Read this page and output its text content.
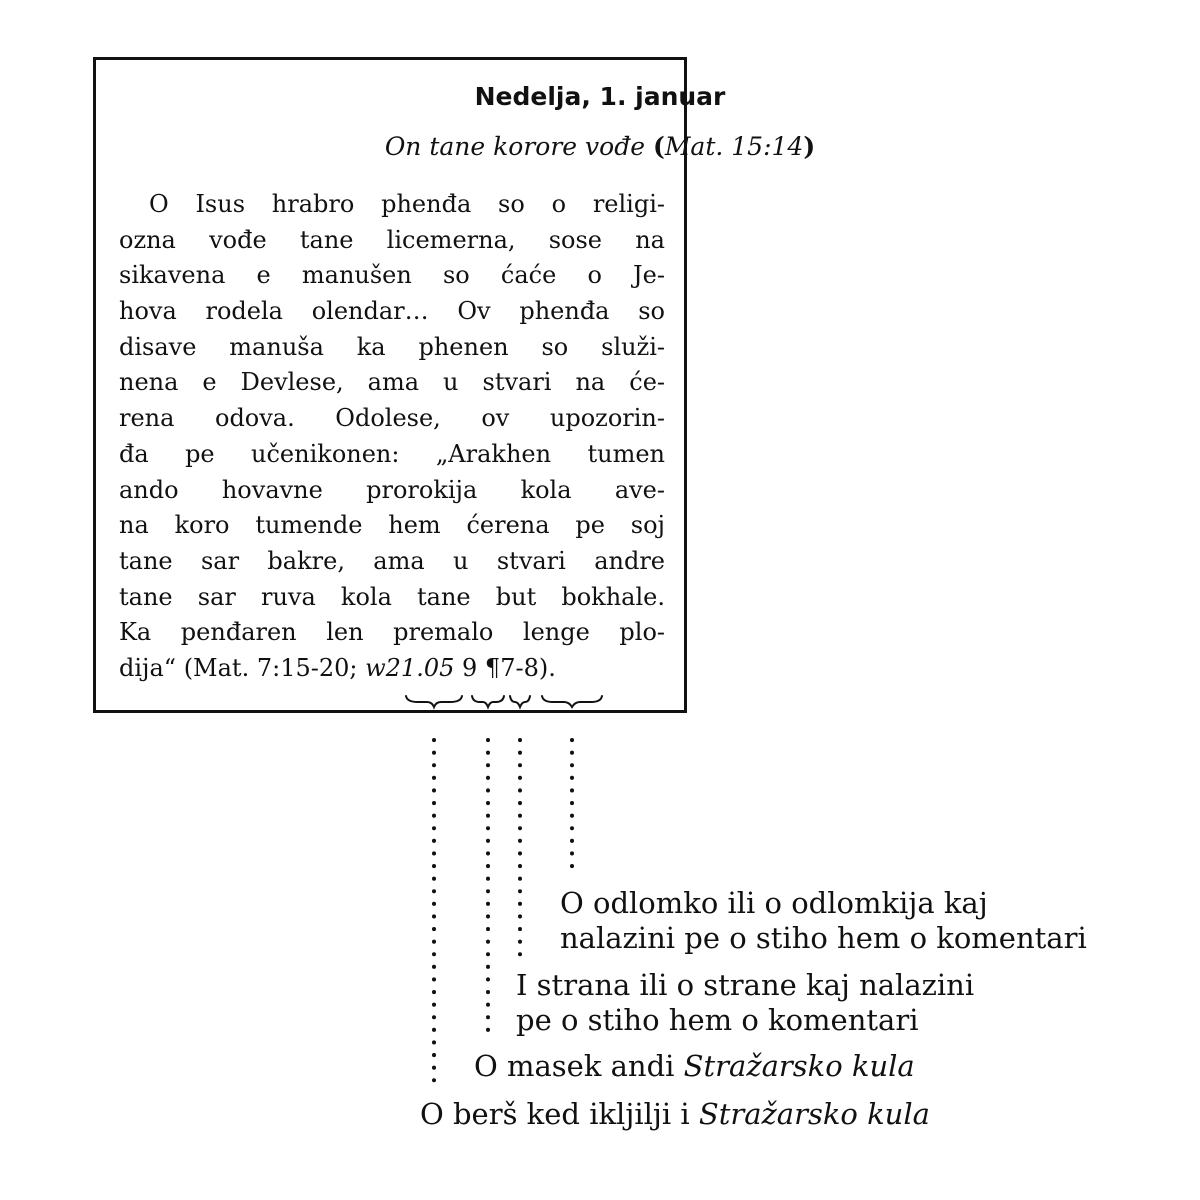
Nedelja, 1. januar
On tane korore vođe (Mat. 15:14)
O Isus hrabro phenđa so o religi-
ozna vođe tane licemerna, sose na
sikavena e manušen so ćaće o Je-
hova rodela olendar… Ov phenđa so
disave manuša ka phenen so služi-
nena e Devlese, ama u stvari na će-
rena odova. Odolese, ov upozorin-
đa pe učenikonen: „Arakhen tumen
ando hovavne prorokija kola ave-
na koro tumende hem ćerena pe soj
tane sar bakre, ama u stvari andre
tane sar ruva kola tane but bokhale.
Ka penđaren len premalo lenge plo-
dija“ (Mat. 7:15-20; w21.05 9 ¶7-8).
O odlomko ili o odlomkija kaj
nalazini pe o stiho hem o komentari
I strana ili o strane kaj nalazini
pe o stiho hem o komentari
O masek andi Stražarsko kula
O berš ked ikljilji i Stražarsko kula
